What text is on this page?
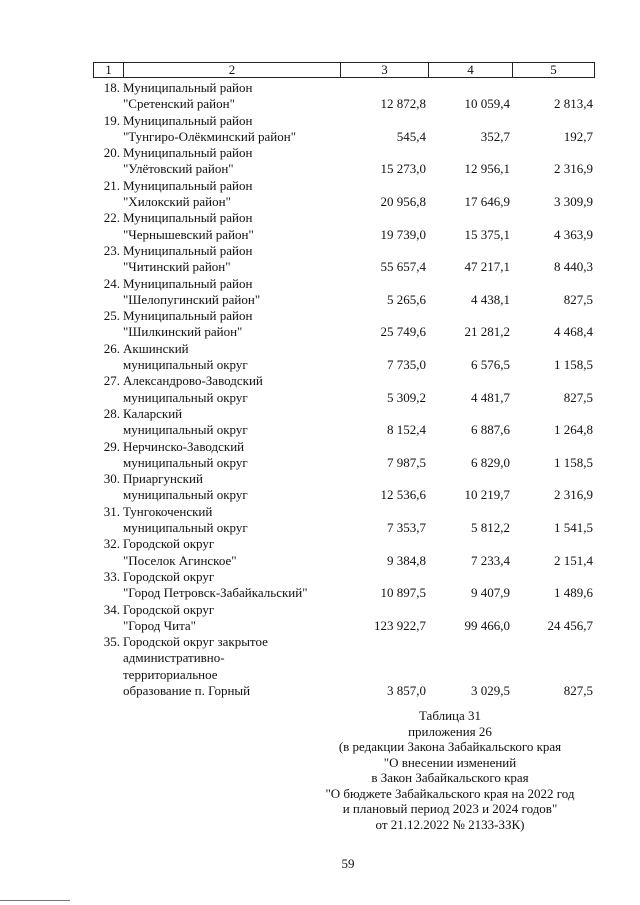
1	2	3	4	5
18. Муниципальный район
"Сретенский район"	12 872,8	10 059,4	2 813,4
19. Муниципальный район
"Тунгиро-Олёкминский район"	545,4	352,7	192,7
20. Муниципальный район
"Улётовский район"	15 273,0	12 956,1	2 316,9
21. Муниципальный район
"Хилокский район"	20 956,8	17 646,9	3 309,9
22. Муниципальный район
"Чернышевский район"	19 739,0	15 375,1	4 363,9
23. Муниципальный район
"Читинский район"	55 657,4	47 217,1	8 440,3
24. Муниципальный район
"Шелопугинский район"	5 265,6	4 438,1	827,5
25. Муниципальный район
"Шилкинский район"	25 749,6	21 281,2	4 468,4
26. Акшинский
муниципальный округ	7 735,0	6 576,5	1 158,5
27. Александрово-Заводский
муниципальный округ	5 309,2	4 481,7	827,5
28. Каларский
муниципальный округ	8 152,4	6 887,6	1 264,8
29. Нерчинско-Заводский
муниципальный округ	7 987,5	6 829,0	1 158,5
30. Приаргунский
муниципальный округ	12 536,6	10 219,7	2 316,9
31. Тунгокоченский
муниципальный округ	7 353,7	5 812,2	1 541,5
32. Городской округ
"Поселок Агинское"	9 384,8	7 233,4	2 151,4
33. Городской округ
"Город Петровск-Забайкальский"	10 897,5	9 407,9	1 489,6
34. Городской округ
"Город Чита"	123 922,7	99 466,0	24 456,7
35. Городской округ закрытое
административно-
территориальное
образование п. Горный	3 857,0	3 029,5	827,5
Таблица 31
приложения 26
(в редакции Закона Забайкальского края
"О внесении изменений
в Закон Забайкальского края
"О бюджете Забайкальского края на 2022 год
и плановый период 2023 и 2024 годов"
от 21.12.2022 № 2133-ЗЗК)
59
